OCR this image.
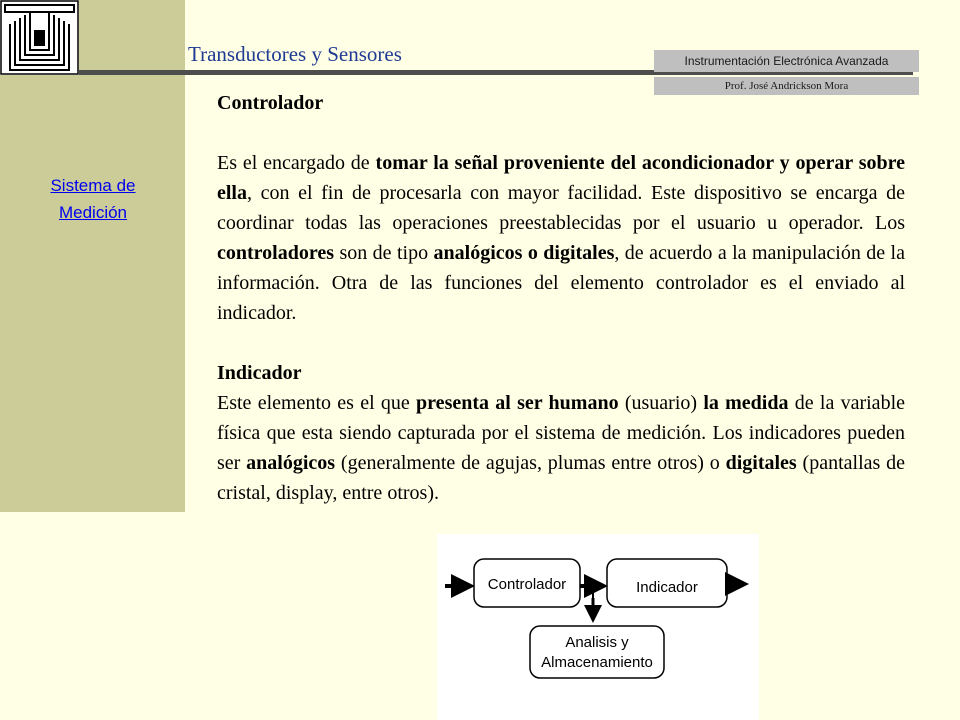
Transductores y Sensores	Instrumentación Electrónica Avanzada
Prof. José Andrickson Mora
Sistema de
Medición

Controlador

Es el encargado de tomar la señal proveniente del acondicionador y operar sobre ella, con el fin de procesarla con mayor facilidad. Este dispositivo se encarga de coordinar todas las operaciones preestablecidas por el usuario u operador. Los controladores son de tipo analógicos o digitales, de acuerdo a la manipulación de la información. Otra de las funciones del elemento controlador es el enviado al indicador.

Indicador

Este elemento es el que presenta al ser humano (usuario) la medida de la variable física que esta siendo capturada por el sistema de medición. Los indicadores pueden ser analógicos (generalmente de agujas, plumas entre otros) o digitales (pantallas de cristal, display, entre otros).

Controlador	Indicador
Analisis y
Almacenamiento
